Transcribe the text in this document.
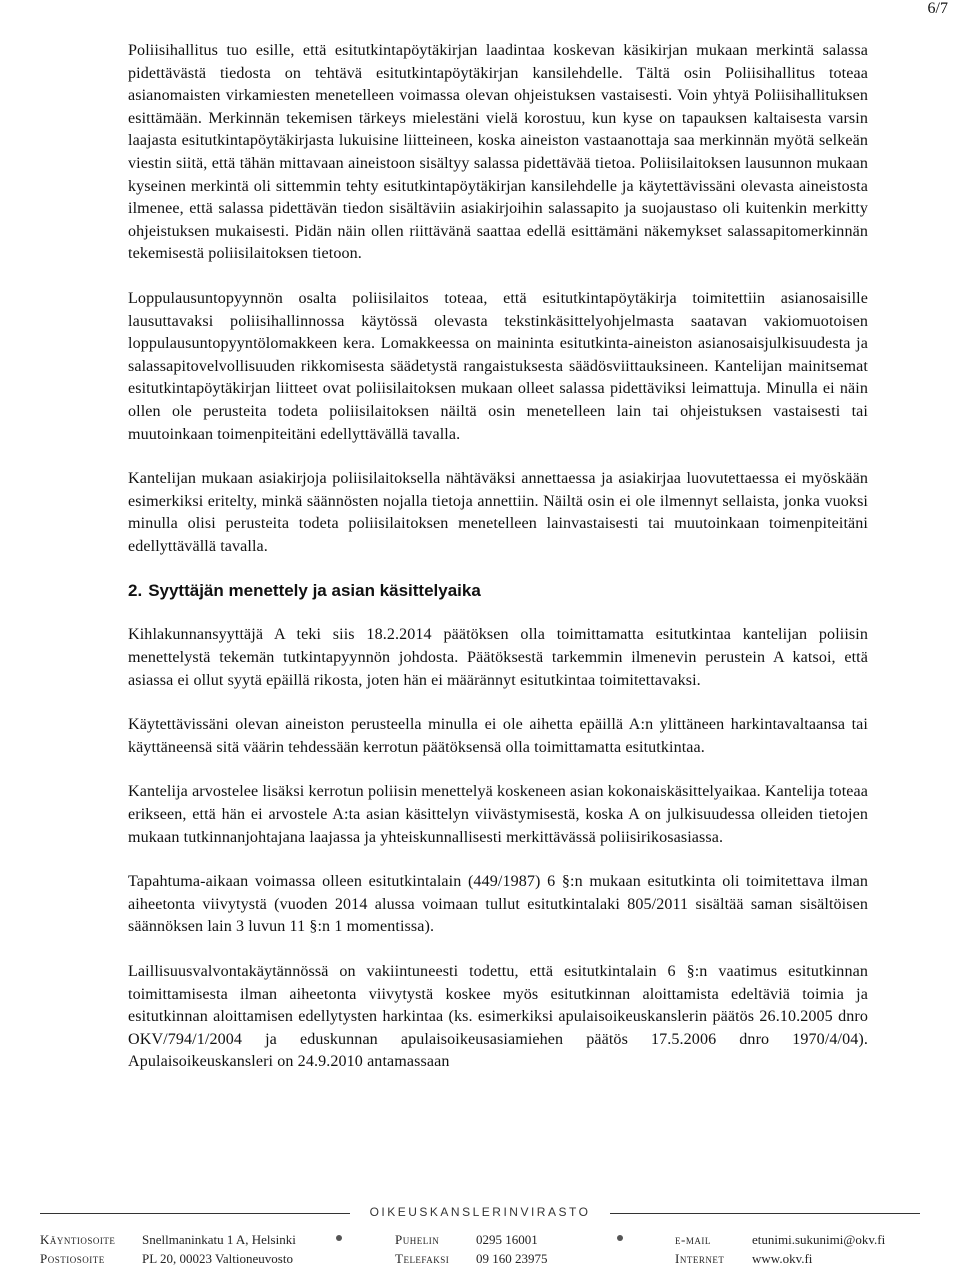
6/7

Poliisihallitus tuo esille, että esitutkintapöytäkirjan laadintaa koskevan käsikirjan mukaan merkintä salassa pidettävästä tiedosta on tehtävä esitutkintapöytäkirjan kansilehdelle. Tältä osin Poliisihallitus toteaa asianomaisten virkamiesten menetelleen voimassa olevan ohjeistuksen vastaisesti. Voin yhtyä Poliisihallituksen esittämään. Merkinnän tekemisen tärkeys mielestäni vielä korostuu, kun kyse on tapauksen kaltaisesta varsin laajasta esitutkintapöytäkirjasta lukuisine liitteineen, koska aineiston vastaanottaja saa merkinnän myötä selkeän viestin siitä, että tähän mittavaan aineistoon sisältyy salassa pidettävää tietoa. Poliisilaitoksen lausunnon mukaan kyseinen merkintä oli sittemmin tehty esitutkintapöytäkirjan kansilehdelle ja käytettävissäni olevasta aineistosta ilmenee, että salassa pidettävän tiedon sisältäviin asiakirjoihin salassapito ja suojaustaso oli kuitenkin merkitty ohjeistuksen mukaisesti. Pidän näin ollen riittävänä saattaa edellä esittämäni näkemykset salassapitomerkinnän tekemisestä poliisilaitoksen tietoon.

Loppulausuntopyynnön osalta poliisilaitos toteaa, että esitutkintapöytäkirja toimitettiin asianosaisille lausuttavaksi poliisihallinnossa käytössä olevasta tekstinkäsittelyohjelmasta saatavan vakiomuotoisen loppulausuntopyyntölomakkeen kera. Lomakkeessa on maininta esitutkinta-aineiston asianosaisjulkisuudesta ja salassapitovelvollisuuden rikkomisesta säädetystä rangaistuksesta säädösviittauksineen. Kantelijan mainitsemat esitutkintapöytäkirjan liitteet ovat poliisilaitoksen mukaan olleet salassa pidettäviksi leimattuja. Minulla ei näin ollen ole perusteita todeta poliisilaitoksen näiltä osin menetelleen lain tai ohjeistuksen vastaisesti tai muutoinkaan toimenpiteitäni edellyttävällä tavalla.

Kantelijan mukaan asiakirjoja poliisilaitoksella nähtäväksi annettaessa ja asiakirjaa luovutettaessa ei myöskään esimerkiksi eritelty, minkä säännösten nojalla tietoja annettiin. Näiltä osin ei ole ilmennyt sellaista, jonka vuoksi minulla olisi perusteita todeta poliisilaitoksen menetelleen lainvastaisesti tai muutoinkaan toimenpiteitäni edellyttävällä tavalla.

2. Syyttäjän menettely ja asian käsittelyaika

Kihlakunnansyyttäjä A teki siis 18.2.2014 päätöksen olla toimittamatta esitutkintaa kantelijan poliisin menettelystä tekemän tutkintapyynnön johdosta. Päätöksestä tarkemmin ilmenevin perustein A katsoi, että asiassa ei ollut syytä epäillä rikosta, joten hän ei määrännyt esitutkintaa toimitettavaksi.

Käytettävissäni olevan aineiston perusteella minulla ei ole aihetta epäillä A:n ylittäneen harkintavaltaansa tai käyttäneensä sitä väärin tehdessään kerrotun päätöksensä olla toimittamatta esitutkintaa.

Kantelija arvostelee lisäksi kerrotun poliisin menettelyä koskeneen asian kokonaiskäsittelyaikaa. Kantelija toteaa erikseen, että hän ei arvostele A:ta asian käsittelyn viivästymisestä, koska A on julkisuudessa olleiden tietojen mukaan tutkinnanjohtajana laajassa ja yhteiskunnallisesti merkittävässä poliisirikosasiassa.

Tapahtuma-aikaan voimassa olleen esitutkintalain (449/1987) 6 §:n mukaan esitutkinta oli toimitettava ilman aiheetonta viivytystä (vuoden 2014 alussa voimaan tullut esitutkintalaki 805/2011 sisältää saman sisältöisen säännöksen lain 3 luvun 11 §:n 1 momentissa).

Laillisuusvalvontakäytännössä on vakiintuneesti todettu, että esitutkintalain 6 §:n vaatimus esitutkinnan toimittamisesta ilman aiheetonta viivytystä koskee myös esitutkinnan aloittamista edeltäviä toimia ja esitutkinnan aloittamisen edellytysten harkintaa (ks. esimerkiksi apulaisoikeuskanslerin päätös 26.10.2005 dnro OKV/794/1/2004 ja eduskunnan apulaisoikeusasiamiehen päätös 17.5.2006 dnro 1970/4/04). Apulaisoikeuskansleri on 24.9.2010 antamassaan

OIKEUSKANSLERINVIRASTO
Käyntiosoite Snellmaninkatu 1 A, Helsinki	Puhelin	0295 16001	e-mail	etunimi.sukunimi@okv.fi
Postiosoite	PL 20, 00023 Valtioneuvosto	Telefaksi 09 160 23975	Internet www.okv.fi
